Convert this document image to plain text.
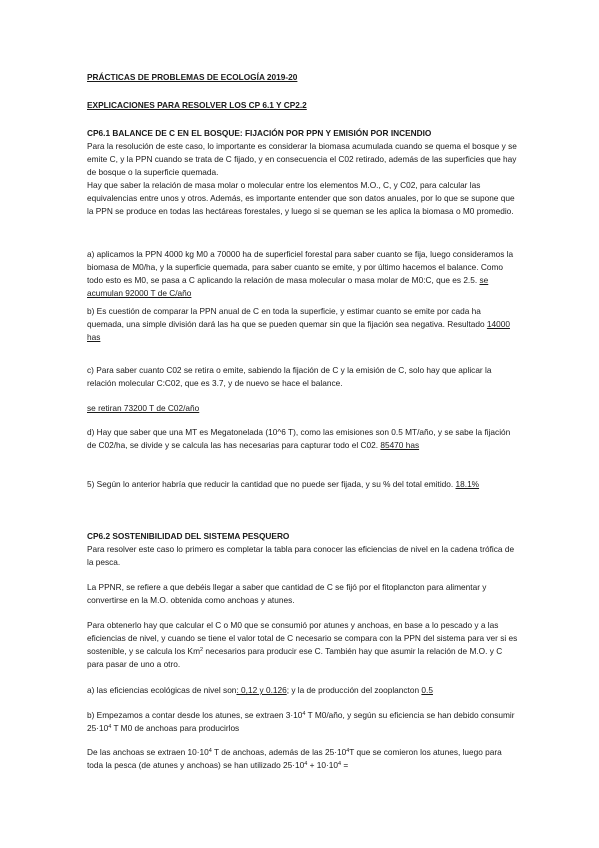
PRÁCTICAS DE PROBLEMAS DE ECOLOGÍA 2019-20

EXPLICACIONES PARA RESOLVER LOS CP 6.1 Y CP2.2

CP6.1 BALANCE DE C EN EL BOSQUE: FIJACIÓN POR PPN Y EMISIÓN POR INCENDIO

Para la resolución de este caso, lo importante es considerar la biomasa acumulada cuando se quema el bosque y se emite C, y la PPN cuando se trata de C fijado, y en consecuencia el C02 retirado, además de las superficies que hay de bosque o la superficie quemada.

Hay que saber la relación de masa molar o molecular entre los elementos M.O., C, y C02, para calcular las equivalencias entre unos y otros. Además, es importante entender que son datos anuales, por lo que se supone que la PPN se produce en todas las hectáreas forestales, y luego si se queman se les aplica la biomasa o M0 promedio.

a) aplicamos la PPN 4000 kg M0 a 70000 ha de superficiel forestal para saber cuanto se fija, luego consideramos la biomasa de M0/ha, y la superficie quemada, para saber cuanto se emite, y por último hacemos el balance. Como todo esto es M0, se pasa a C aplicando la relación de masa molecular o masa molar de M0:C, que es 2.5. se acumulan 92000 T de C/año

b) Es cuestión de comparar la PPN anual de C en toda la superficie, y estimar cuanto se emite por cada ha quemada, una simple división dará las ha que se pueden quemar sin que la fijación sea negativa. Resultado 14000 has

c) Para saber cuanto C02 se retira o emite, sabiendo la fijación de C y la emisión de C, solo hay que aplicar la relación molecular C:C02, que es 3.7, y de nuevo se hace el balance.

se retiran 73200 T de C02/año

d) Hay que saber que una MT es Megatonelada (10^6 T), como las emisiones son 0.5 MT/año, y se sabe la fijación de C02/ha, se divide y se calcula las has necesarias para capturar todo el C02. 85470 has

5) Según lo anterior habría que reducir la cantidad que no puede ser fijada, y su % del total emitido. 18.1%

CP6.2 SOSTENIBILIDAD DEL SISTEMA PESQUERO

Para resolver este caso lo primero es completar la tabla para conocer las eficiencias de nivel en la cadena trófica de la pesca.

La PPNR, se refiere a que debéis llegar a saber que cantidad de C se fijó por el fitoplancton para alimentar y convertirse en la M.O. obtenida como anchoas y atunes.

Para obtenerlo hay que calcular el C o M0 que se consumió por atunes y anchoas, en base a lo pescado y a las eficiencias de nivel, y cuando se tiene el valor total de C necesario se compara con la PPN del sistema para ver si es sostenible, y se calcula los Km$^2$ necesarios para producir ese C. También hay que asumir la relación de M.O. y C para pasar de uno a otro.

a) las eficiencias ecológicas de nivel son: 0,12 y 0.126; y la de producción del zooplancton 0.5

b) Empezamos a contar desde los atunes, se extraen $3\cdot 10^4$ T M0/año, y según su eficiencia se han debido consumir $25\cdot 10^4$ T M0 de anchoas para producirlos

De las anchoas se extraen $10\cdot 10^4$ T de anchoas, además de las $25\cdot 10^4T$ que se comieron los atunes, luego para toda la pesca (de atunes y anchoas) se han utilizado $25\cdot 10^4 + 10\cdot 10^4$ =
